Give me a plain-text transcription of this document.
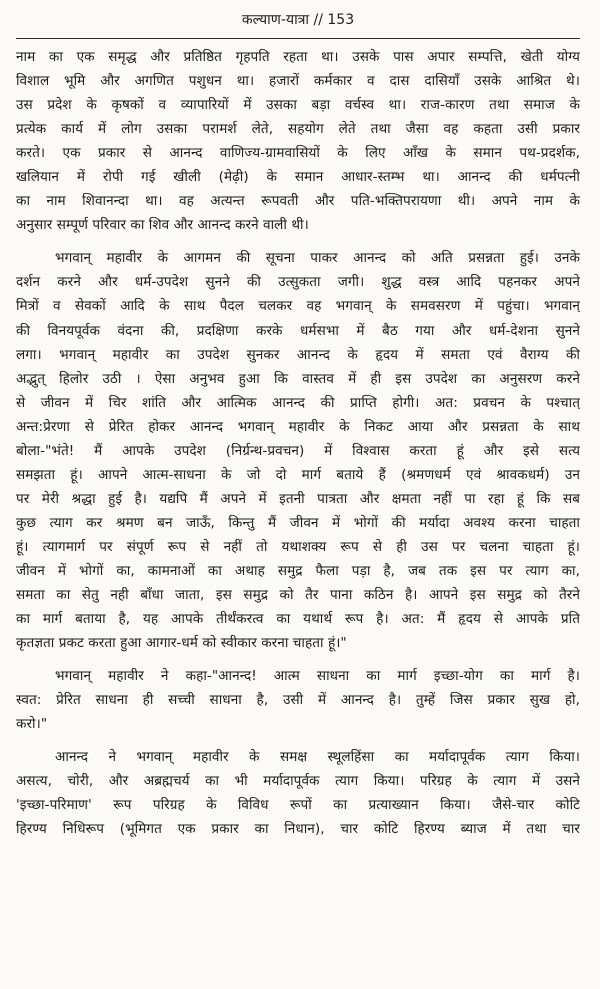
कल्याण-यात्रा // 153
नाम का एक समृद्ध और प्रतिष्ठित गृहपति रहता था। उसके पास अपार सम्पत्ति, खेती योग्य
विशाल भूमि और अगणित पशुधन था। हजारों कर्मकार व दास दासियाँ उसके आश्रित थे।
उस प्रदेश के कृषकों व व्यापारियों में उसका बड़ा वर्चस्व था। राज-कारण तथा समाज के
प्रत्येक कार्य में लोग उसका परामर्श लेते, सहयोग लेते तथा जैसा वह कहता उसी प्रकार
करते। एक प्रकार से आनन्द वाणिज्य-ग्रामवासियों के लिए आँख के समान पथ-प्रदर्शक,
खलियान में रोपी गई खीली (मेढ़ी) के समान आधार-स्तम्भ था। आनन्द की धर्मपत्नी
का नाम शिवानन्दा था। वह अत्यन्त रूपवती और पति-भक्तिपरायणा थी। अपने नाम के
अनुसार सम्पूर्ण परिवार का शिव और आनन्द करने वाली थी।
भगवान् महावीर के आगमन की सूचना पाकर आनन्द को अति प्रसन्नता हुई। उनके
दर्शन करने और धर्म-उपदेश सुनने की उत्सुकता जगी। शुद्ध वस्त्र आदि पहनकर अपने
मित्रों व सेवकों आदि के साथ पैदल चलकर वह भगवान् के समवसरण में पहुंचा। भगवान्
की विनयपूर्वक वंदना की, प्रदक्षिणा करके धर्मसभा में बैठ गया और धर्म-देशना सुनने
लगा। भगवान् महावीर का उपदेश सुनकर आनन्द के हृदय में समता एवं वैराग्य की
अद्भुत् हिलोर उठी । ऐसा अनुभव हुआ कि वास्तव में ही इस उपदेश का अनुसरण करने
से जीवन में चिर शांति और आत्मिक आनन्द की प्राप्ति होगी। अत: प्रवचन के पश्चात्
अन्त:प्रेरणा से प्रेरित होकर आनन्द भगवान् महावीर के निकट आया और प्रसन्नता के साथ
बोला-"भंते! मैं आपके उपदेश (निर्ग्रन्थ-प्रवचन) में विश्वास करता हूं और इसे सत्य
समझता हूं। आपने आत्म-साधना के जो दो मार्ग बताये हैं (श्रमणधर्म एवं श्रावकधर्म) उन
पर मेरी श्रद्धा हुई है। यद्यपि मैं अपने में इतनी पात्रता और क्षमता नहीं पा रहा हूं कि सब
कुछ त्याग कर श्रमण बन जाऊँ, किन्तु मैं जीवन में भोगों की मर्यादा अवश्य करना चाहता
हूं। त्यागमार्ग पर संपूर्ण रूप से नहीं तो यथाशक्य रूप से ही उस पर चलना चाहता हूं।
जीवन में भोगों का, कामनाओं का अथाह समुद्र फैला पड़ा है, जब तक इस पर त्याग का,
समता का सेतु नही बाँधा जाता, इस समुद्र को तैर पाना कठिन है। आपने इस समुद्र को तैरने
का मार्ग बताया है, यह आपके तीर्थंकरत्व का यथार्थ रूप है। अत: मैं हृदय से आपके प्रति
कृतज्ञता प्रकट करता हुआ आगार-धर्म को स्वीकार करना चाहता हूं।"
भगवान् महावीर ने कहा-"आनन्द! आत्म साधना का मार्ग इच्छा-योग का मार्ग है।
स्वत: प्रेरित साधना ही सच्ची साधना है, उसी में आनन्द है। तुम्हें जिस प्रकार सुख हो,
करो।"
आनन्द ने भगवान् महावीर के समक्ष स्थूलहिंसा का मर्यादापूर्वक त्याग किया।
असत्य, चोरी, और अब्रह्मचर्य का भी मर्यादापूर्वक त्याग किया। परिग्रह के त्याग में उसने
'इच्छा-परिमाण' रूप परिग्रह के विविध रूपों का प्रत्याख्यान किया। जैसे-चार कोटि
हिरण्य निधिरूप (भूमिगत एक प्रकार का निधान), चार कोटि हिरण्य ब्याज में तथा चार
